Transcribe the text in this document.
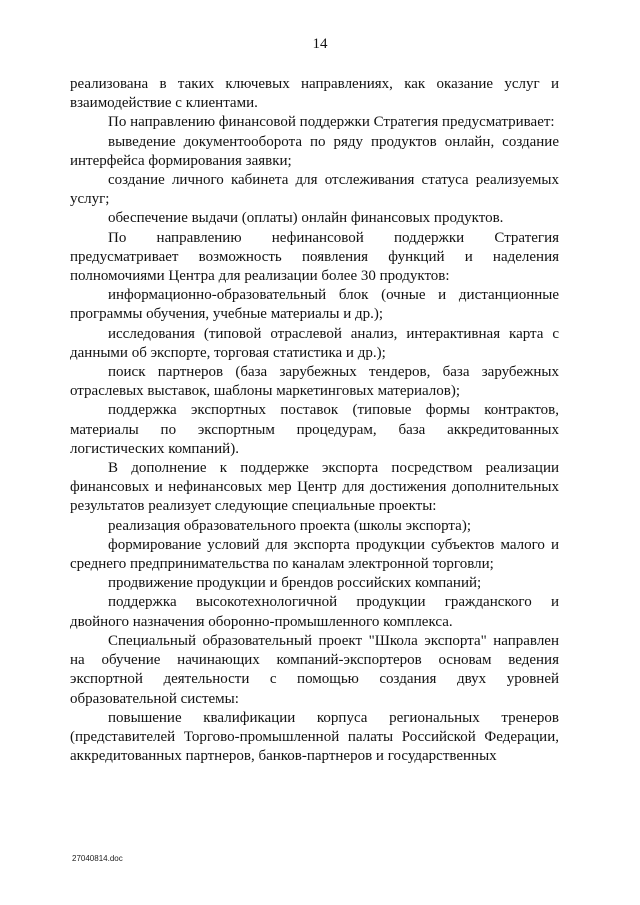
14

реализована в таких ключевых направлениях, как оказание услуг и взаимодействие с клиентами.

По направлению финансовой поддержки Стратегия предусматривает:

выведение документооборота по ряду продуктов онлайн, создание интерфейса формирования заявки;

создание личного кабинета для отслеживания статуса реализуемых услуг;

обеспечение выдачи (оплаты) онлайн финансовых продуктов.

По направлению нефинансовой поддержки Стратегия предусматривает возможность появления функций и наделения полномочиями Центра для реализации более 30 продуктов:

информационно-образовательный блок (очные и дистанционные программы обучения, учебные материалы и др.);

исследования (типовой отраслевой анализ, интерактивная карта с данными об экспорте, торговая статистика и др.);

поиск партнеров (база зарубежных тендеров, база зарубежных отраслевых выставок, шаблоны маркетинговых материалов);

поддержка экспортных поставок (типовые формы контрактов, материалы по экспортным процедурам, база аккредитованных логистических компаний).

В дополнение к поддержке экспорта посредством реализации финансовых и нефинансовых мер Центр для достижения дополнительных результатов реализует следующие специальные проекты:

реализация образовательного проекта (школы экспорта);

формирование условий для экспорта продукции субъектов малого и среднего предпринимательства по каналам электронной торговли;

продвижение продукции и брендов российских компаний;

поддержка высокотехнологичной продукции гражданского и двойного назначения оборонно-промышленного комплекса.

Специальный образовательный проект "Школа экспорта" направлен на обучение начинающих компаний-экспортеров основам ведения экспортной деятельности с помощью создания двух уровней образовательной системы:

повышение квалификации корпуса региональных тренеров (представителей Торгово-промышленной палаты Российской Федерации, аккредитованных партнеров, банков-партнеров и государственных

27040814.doc
